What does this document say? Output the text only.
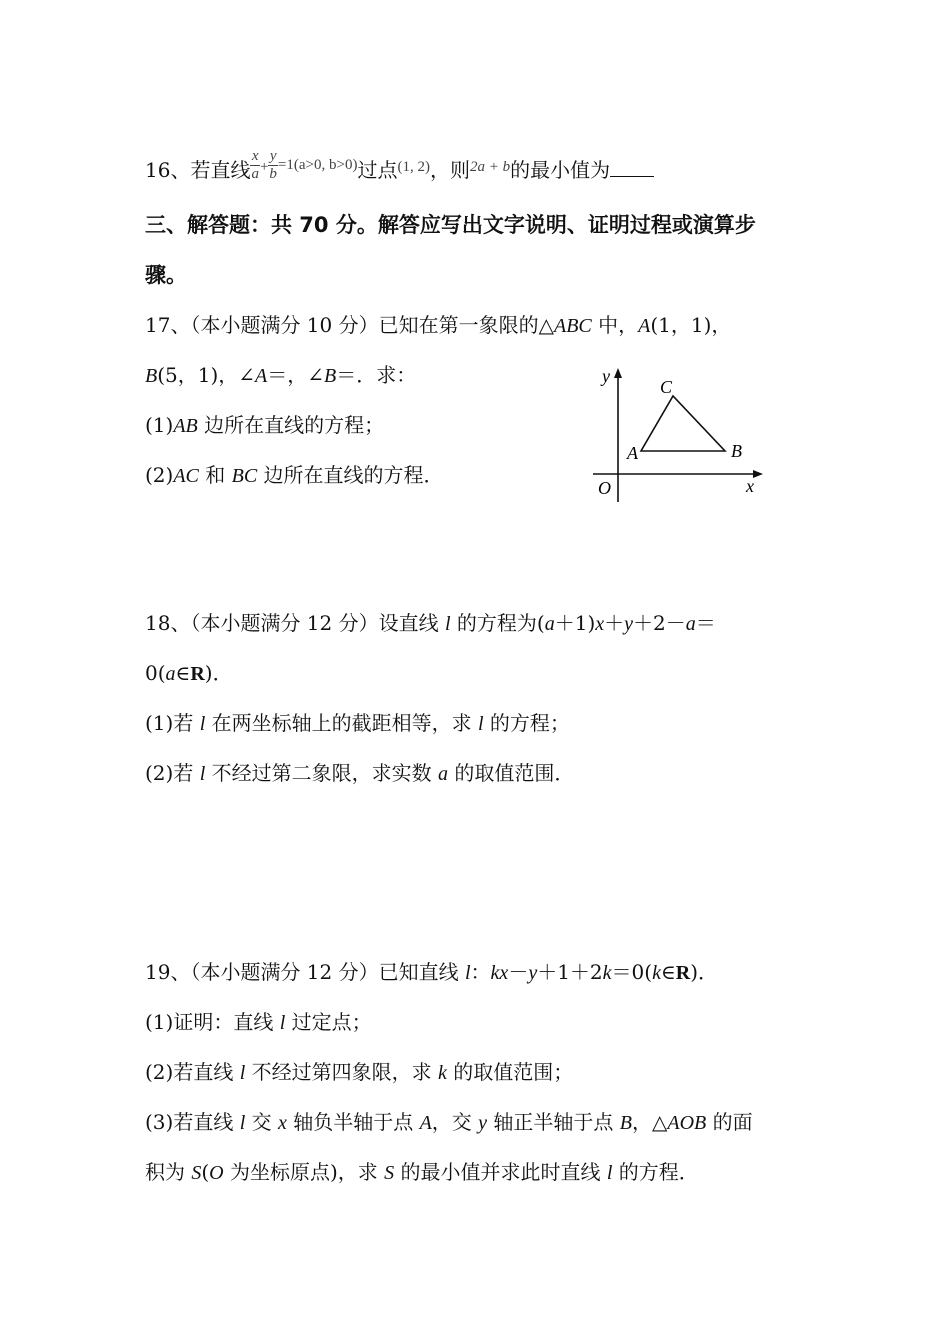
16、若直线 $\frac{x}{a} ^+ \frac{y}{b} ^{=1(a>0, b>0)}$过点$^{(1, 2)}$，则$^{2a + b}$的最小值为
三、解答题：共 70 分。解答应写出文字说明、证明过程或演算步
骤。
17、（本小题满分 10 分）已知在第一象限的△ABC 中，A(1，1)，
B(5，1)，∠A＝，∠B＝．求：
(1)AB 边所在直线的方程；
(2)AC 和 BC 边所在直线的方程．
y
x
O
A	B
C
18、（本小题满分 12 分）设直线 l 的方程为(a＋1)x＋y＋2－a＝
0(a∈R)．
(1)若 l 在两坐标轴上的截距相等，求 l 的方程；
(2)若 l 不经过第二象限，求实数 a 的取值范围．
19、（本小题满分 12 分）已知直线 l：kx－y＋1＋2k＝0(k∈R)．
(1)证明：直线 l 过定点；
(2)若直线 l 不经过第四象限，求 k 的取值范围；
(3)若直线 l 交 x 轴负半轴于点 A，交 y 轴正半轴于点 B，△AOB 的面
积为 S(O 为坐标原点)，求 S 的最小值并求此时直线 l 的方程．
